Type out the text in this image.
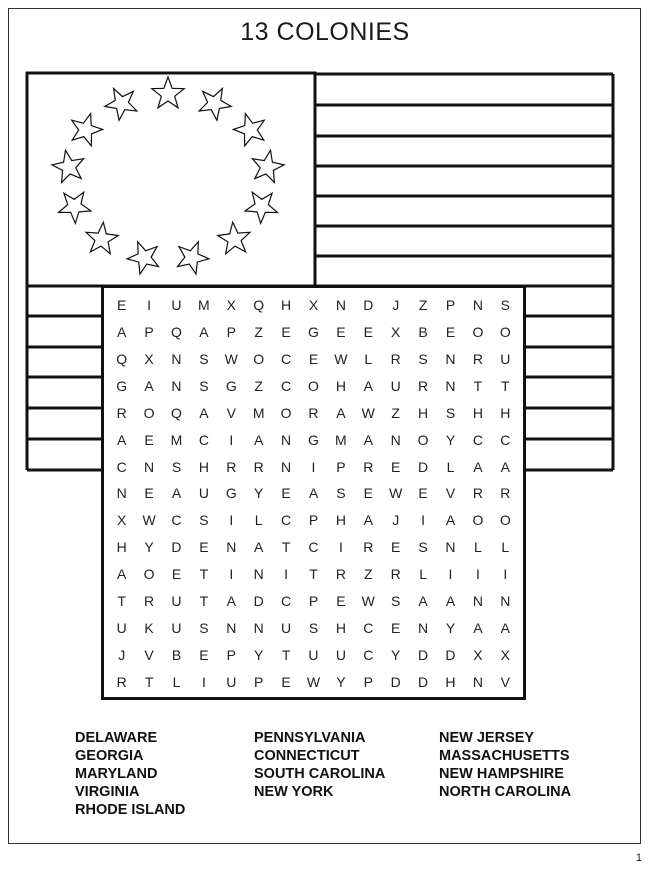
13 COLONIES
E	I	U	M	X	Q	H	X	N	D	J	Z	P	N	S
A	P	Q	A	P	Z	E	G	E	E	X	B	E	O	O
Q	X	N	S	W	O	C	E	W	L	R	S	N	R	U
G	A	N	S	G	Z	C	O	H	A	U	R	N	T	T
R	O	Q	A	V	M	O	R	A	W	Z	H	S	H	H
A	E	M	C	I	A	N	G	M	A	N	O	Y	C	C
C	N	S	H	R	R	N	I	P	R	E	D	L	A	A
N	E	A	U	G	Y	E	A	S	E	W	E	V	R	R
X	W	C	S	I	L	C	P	H	A	J	I	A	O	O
H	Y	D	E	N	A	T	C	I	R	E	S	N	L	L
A	O	E	T	I	N	I	T	R	Z	R	L	I	I	I
T	R	U	T	A	D	C	P	E	W	S	A	A	N	N
U	K	U	S	N	N	U	S	H	C	E	N	Y	A	A
J	V	B	E	P	Y	T	U	U	C	Y	D	D	X	X
R	T	L	I	U	P	E	W	Y	P	D	D	H	N	V
DELAWARE
GEORGIA
MARYLAND
VIRGINIA
RHODE ISLAND
PENNSYLVANIA
CONNECTICUT
SOUTH CAROLINA
NEW YORK
NEW JERSEY
MASSACHUSETTS
NEW HAMPSHIRE
NORTH CAROLINA
1
